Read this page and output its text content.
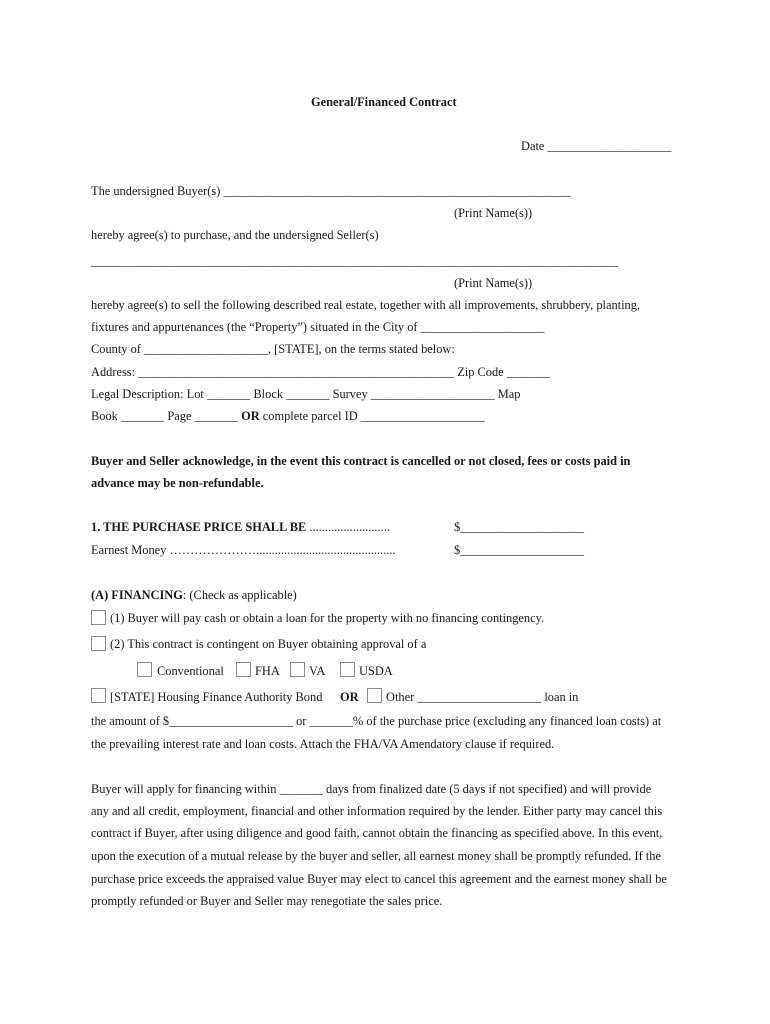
General/Financed Contract
Date ____________________
The undersigned Buyer(s) ________________________________________________________
(Print Name(s))
hereby agree(s) to purchase, and the undersigned Seller(s)
_____________________________________________________________________________________
(Print Name(s))
hereby agree(s) to sell the following described real estate, together with all improvements, shrubbery, planting,
fixtures and appurtenances (the “Property”) situated in the City of ____________________
County of ____________________, [STATE], on the terms stated below:
Address: ___________________________________________________ Zip Code _______
Legal Description: Lot _______ Block _______ Survey ____________________ Map
Book _______ Page _______ OR complete parcel ID ____________________
Buyer and Seller acknowledge, in the event this contract is cancelled or not closed, fees or costs paid in
advance may be non-refundable.
1. THE PURCHASE PRICE SHALL BE ..........................	$____________________
Earnest Money ………………….............................................	$____________________
(A) FINANCING: (Check as applicable)
(1) Buyer will pay cash or obtain a loan for the property with no financing contingency.
(2) This contract is contingent on Buyer obtaining approval of a
Conventional	FHA VA	USDA
[STATE] Housing Finance Authority Bond OR Other ____________________ loan in
the amount of $____________________ or _______% of the purchase price (excluding any financed loan costs) at
the prevailing interest rate and loan costs. Attach the FHA/VA Amendatory clause if required.
Buyer will apply for financing within _______ days from finalized date (5 days if not specified) and will provide
any and all credit, employment, financial and other information required by the lender. Either party may cancel this
contract if Buyer, after using diligence and good faith, cannot obtain the financing as specified above. In this event,
upon the execution of a mutual release by the buyer and seller, all earnest money shall be promptly refunded. If the
purchase price exceeds the appraised value Buyer may elect to cancel this agreement and the earnest money shall be
promptly refunded or Buyer and Seller may renegotiate the sales price.
